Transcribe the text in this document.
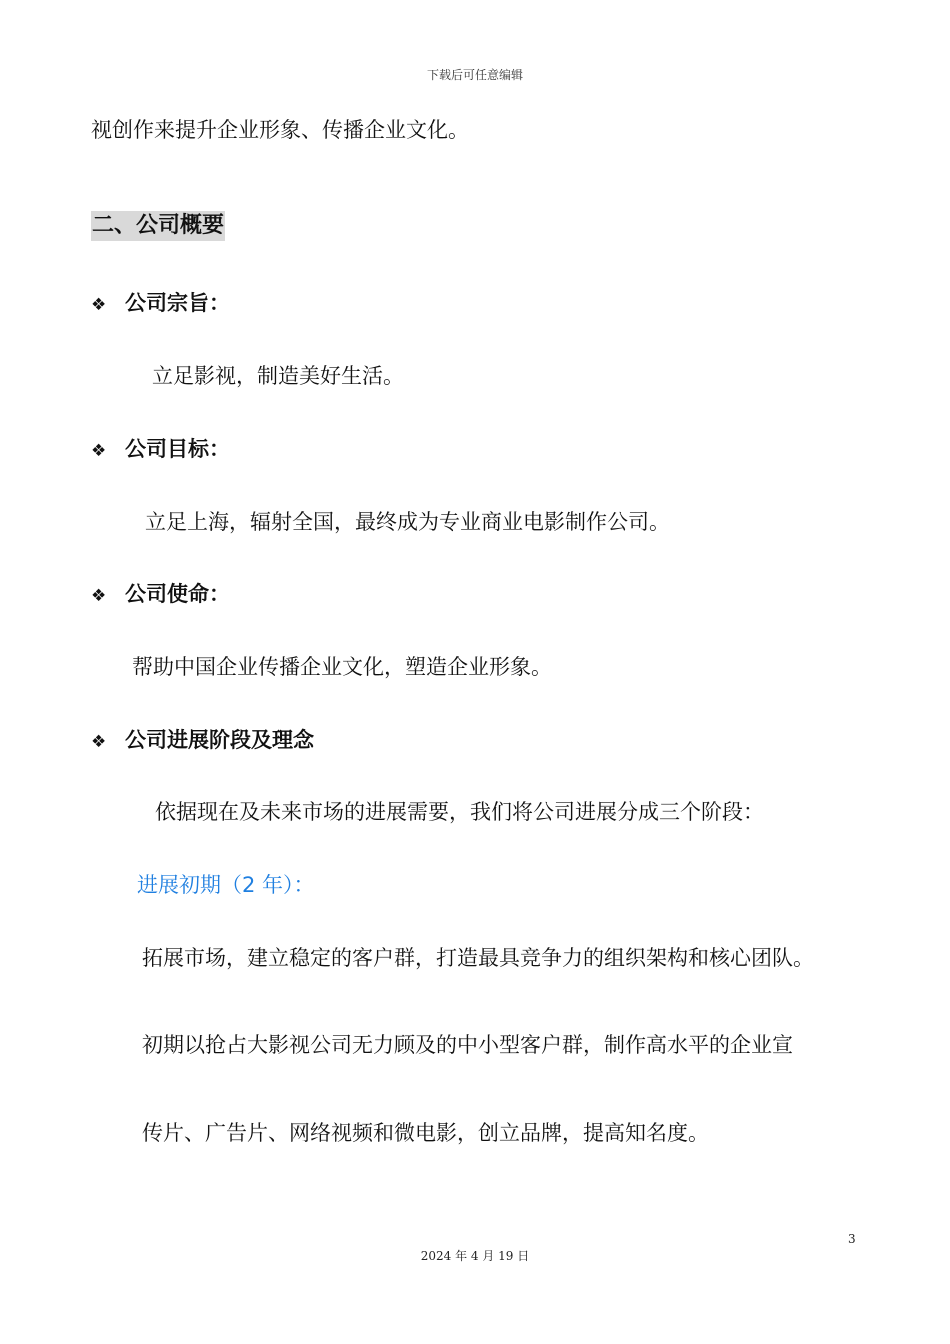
下载后可任意编辑
视创作来提升企业形象、传播企业文化。
二、公司概要
❖ 公司宗旨：
立足影视，制造美好生活。
❖ 公司目标：
立足上海，辐射全国，最终成为专业商业电影制作公司。
❖ 公司使命：
帮助中国企业传播企业文化，塑造企业形象。
❖ 公司进展阶段及理念
依据现在及未来市场的进展需要，我们将公司进展分成三个阶段：
进展初期（2 年）：
拓展市场，建立稳定的客户群，打造最具竞争力的组织架构和核心团队。
初期以抢占大影视公司无力顾及的中小型客户群，制作高水平的企业宣
传片、广告片、网络视频和微电影，创立品牌，提高知名度。
3
2024 年 4 月 19 日
